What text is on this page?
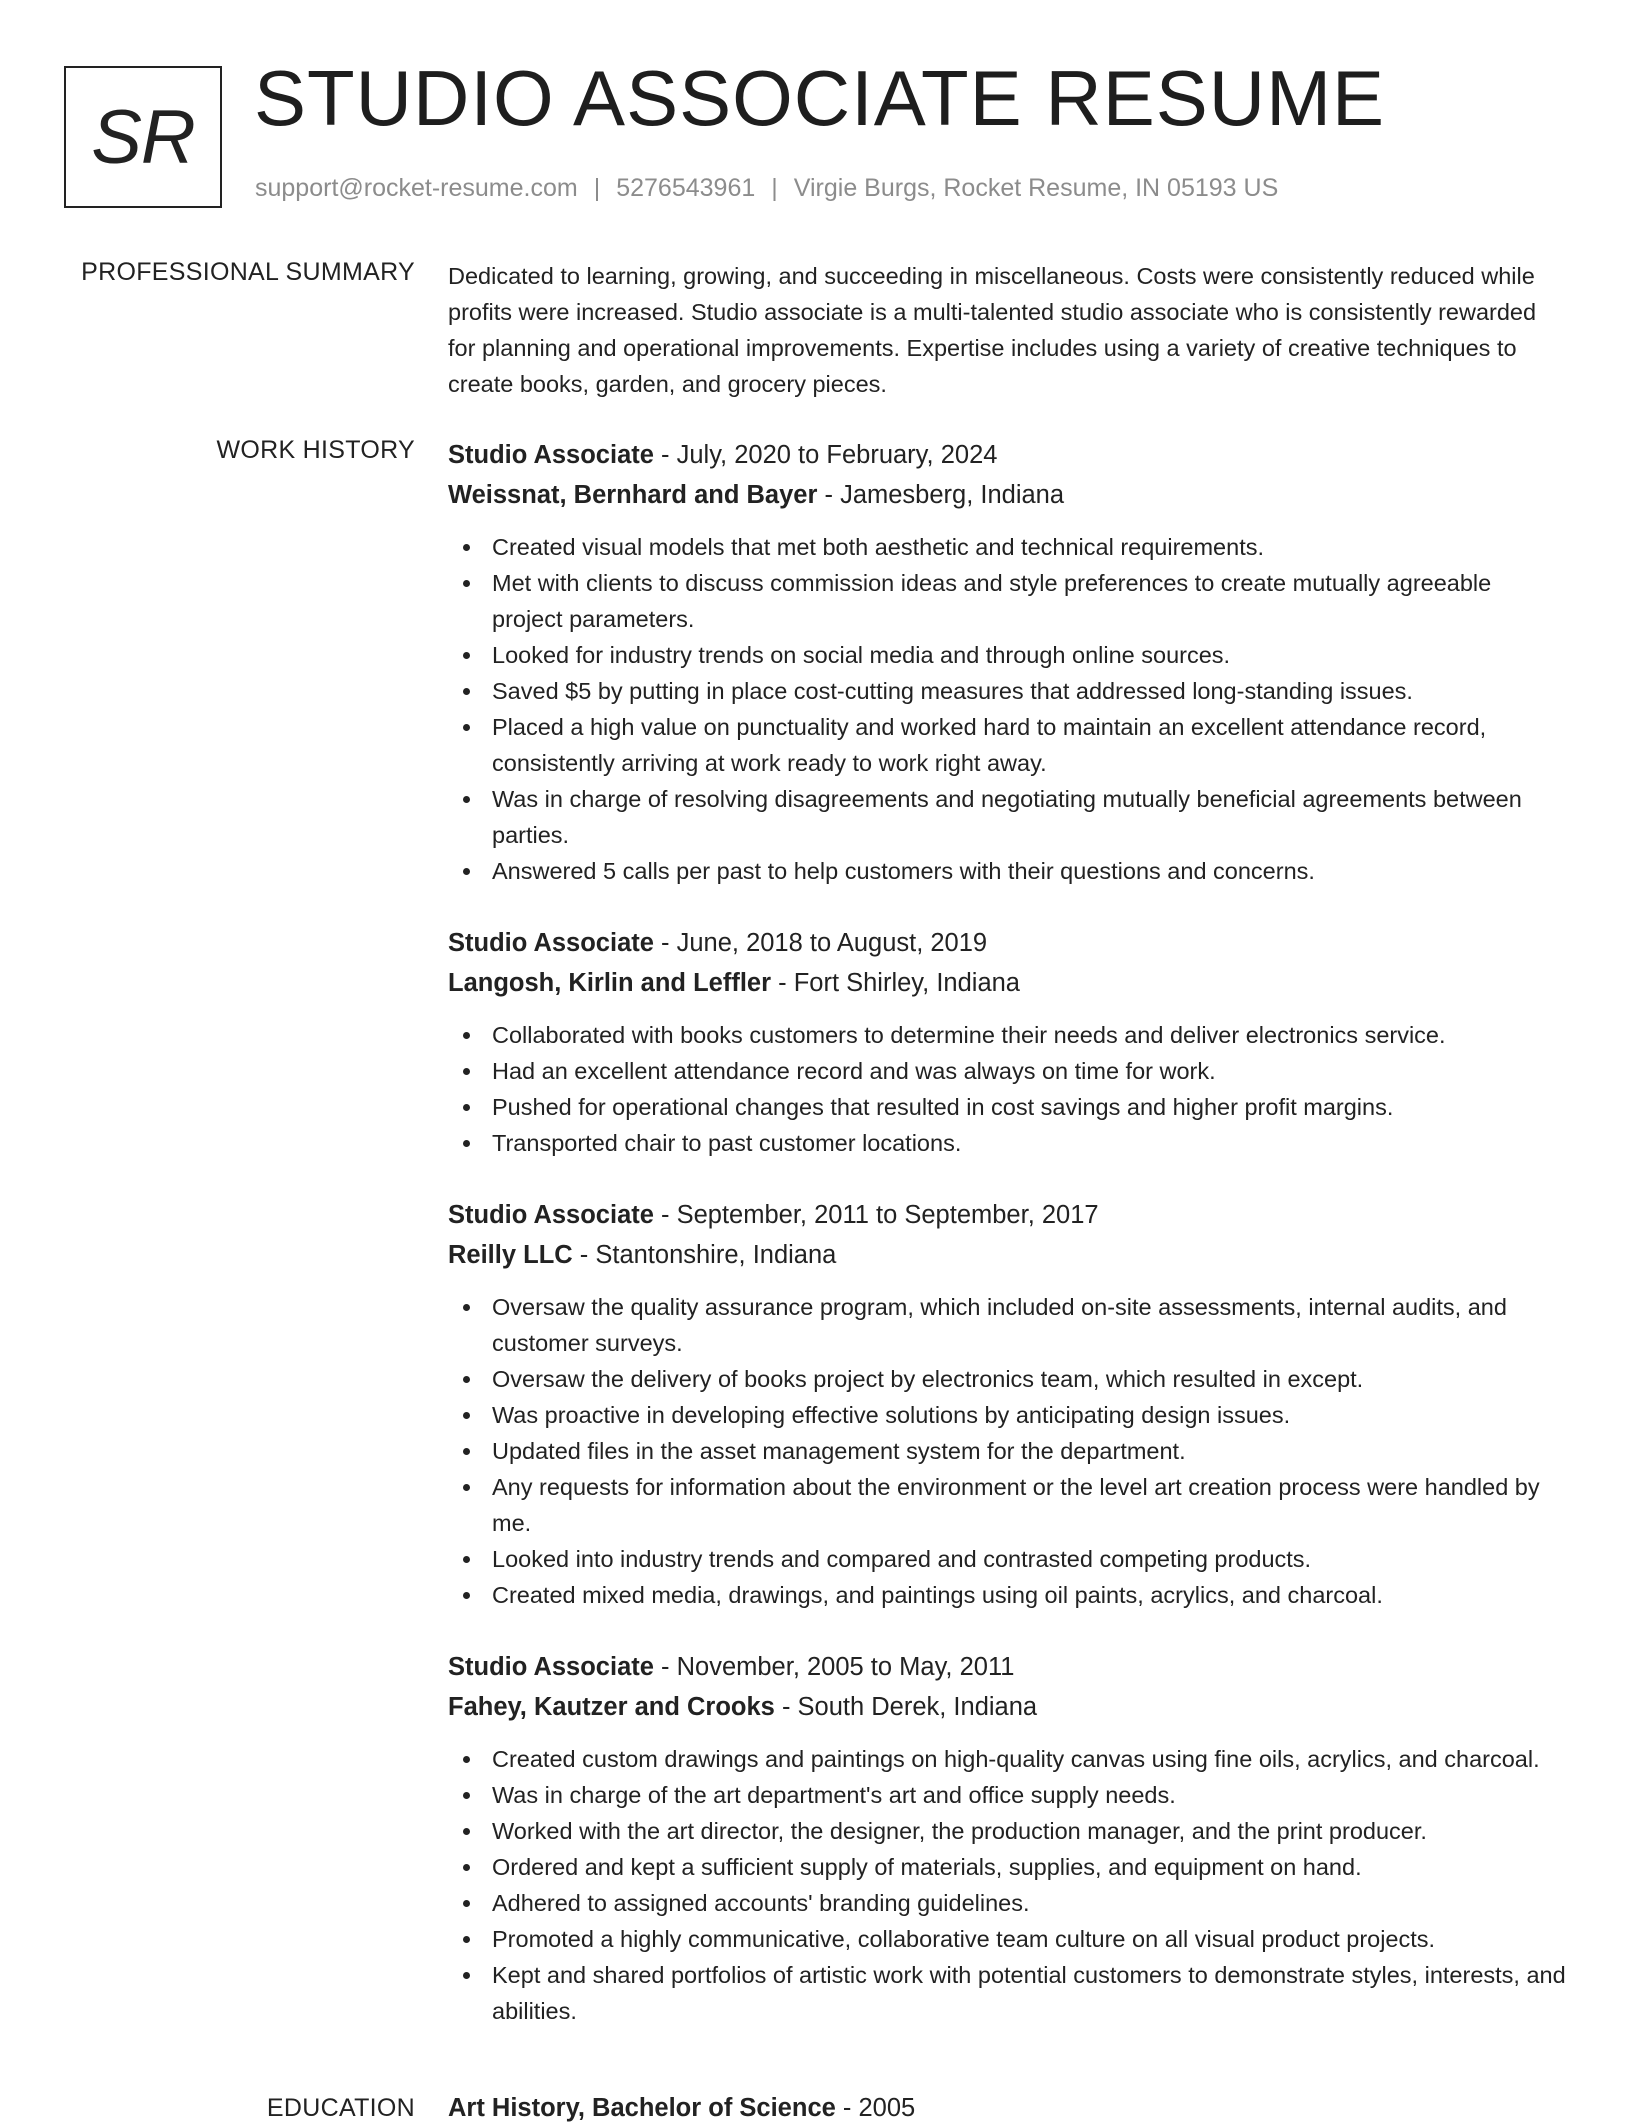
SR STUDIO ASSOCIATE RESUME
support@rocket-resume.com | 5276543961 | Virgie Burgs, Rocket Resume, IN 05193 US
PROFESSIONAL SUMMARY Dedicated to learning, growing, and succeeding in miscellaneous. Costs were consistently reduced while profits were increased. Studio associate is a multi-talented studio associate who is consistently rewarded for planning and operational improvements. Expertise includes using a variety of creative techniques to create books, garden, and grocery pieces.

WORK HISTORY Studio Associate - July, 2020 to February, 2024
Weissnat, Bernhard and Bayer - Jamesberg, Indiana
Created visual models that met both aesthetic and technical requirements.
Met with clients to discuss commission ideas and style preferences to create mutually agreeable project parameters.
Looked for industry trends on social media and through online sources.
Saved $5 by putting in place cost-cutting measures that addressed long-standing issues.
Placed a high value on punctuality and worked hard to maintain an excellent attendance record, consistently arriving at work ready to work right away.
Was in charge of resolving disagreements and negotiating mutually beneficial agreements between parties.
Answered 5 calls per past to help customers with their questions and concerns.
Studio Associate - June, 2018 to August, 2019
Langosh, Kirlin and Leffler - Fort Shirley, Indiana
Collaborated with books customers to determine their needs and deliver electronics service.
Had an excellent attendance record and was always on time for work.
Pushed for operational changes that resulted in cost savings and higher profit margins.
Transported chair to past customer locations.
Studio Associate - September, 2011 to September, 2017
Reilly LLC - Stantonshire, Indiana
Oversaw the quality assurance program, which included on-site assessments, internal audits, and customer surveys.
Oversaw the delivery of books project by electronics team, which resulted in except.
Was proactive in developing effective solutions by anticipating design issues.
Updated files in the asset management system for the department.
Any requests for information about the environment or the level art creation process were handled by me.
Looked into industry trends and compared and contrasted competing products.
Created mixed media, drawings, and paintings using oil paints, acrylics, and charcoal.
Studio Associate - November, 2005 to May, 2011
Fahey, Kautzer and Crooks - South Derek, Indiana
Created custom drawings and paintings on high-quality canvas using fine oils, acrylics, and charcoal.
Was in charge of the art department's art and office supply needs.
Worked with the art director, the designer, the production manager, and the print producer.
Ordered and kept a sufficient supply of materials, supplies, and equipment on hand.
Adhered to assigned accounts' branding guidelines.
Promoted a highly communicative, collaborative team culture on all visual product projects.
Kept and shared portfolios of artistic work with potential customers to demonstrate styles, interests, and abilities.
EDUCATION Art History, Bachelor of Science - 2005
